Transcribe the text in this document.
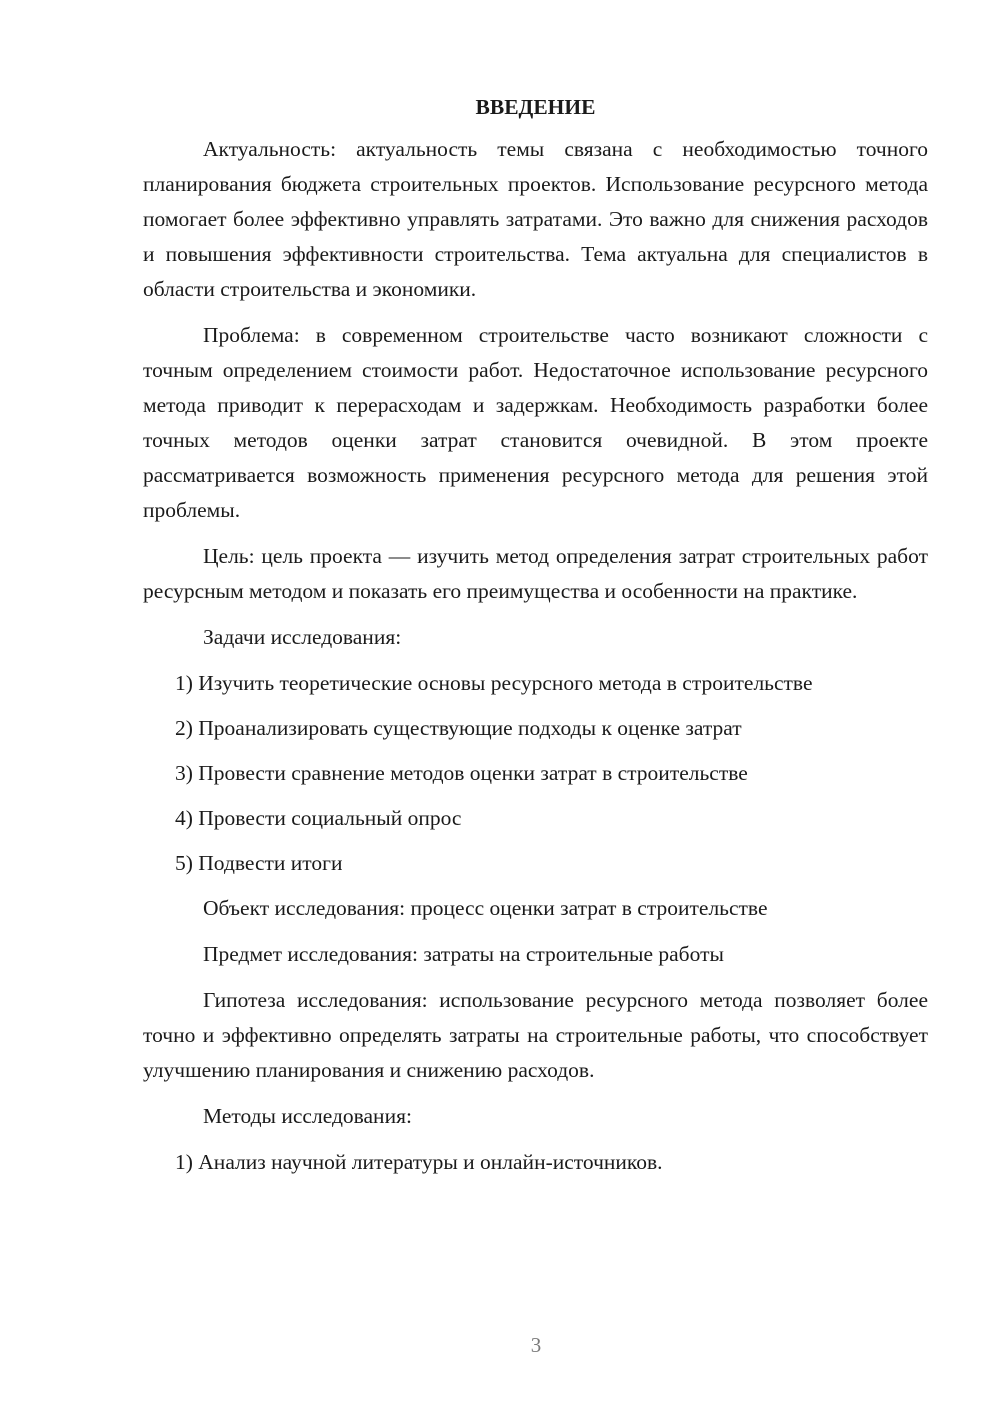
ВВЕДЕНИЕ
Актуальность: актуальность темы связана с необходимостью точного планирования бюджета строительных проектов. Использование ресурсного метода помогает более эффективно управлять затратами. Это важно для снижения расходов и повышения эффективности строительства. Тема актуальна для специалистов в области строительства и экономики.
Проблема: в современном строительстве часто возникают сложности с точным определением стоимости работ. Недостаточное использование ресурсного метода приводит к перерасходам и задержкам. Необходимость разработки более точных методов оценки затрат становится очевидной. В этом проекте рассматривается возможность применения ресурсного метода для решения этой проблемы.
Цель: цель проекта — изучить метод определения затрат строительных работ ресурсным методом и показать его преимущества и особенности на практике.
Задачи исследования:
1) Изучить теоретические основы ресурсного метода в строительстве
2) Проанализировать существующие подходы к оценке затрат
3) Провести сравнение методов оценки затрат в строительстве
4) Провести социальный опрос
5) Подвести итоги
Объект исследования: процесс оценки затрат в строительстве
Предмет исследования: затраты на строительные работы
Гипотеза исследования: использование ресурсного метода позволяет более точно и эффективно определять затраты на строительные работы, что способствует улучшению планирования и снижению расходов.
Методы исследования:
1) Анализ научной литературы и онлайн-источников.
3
